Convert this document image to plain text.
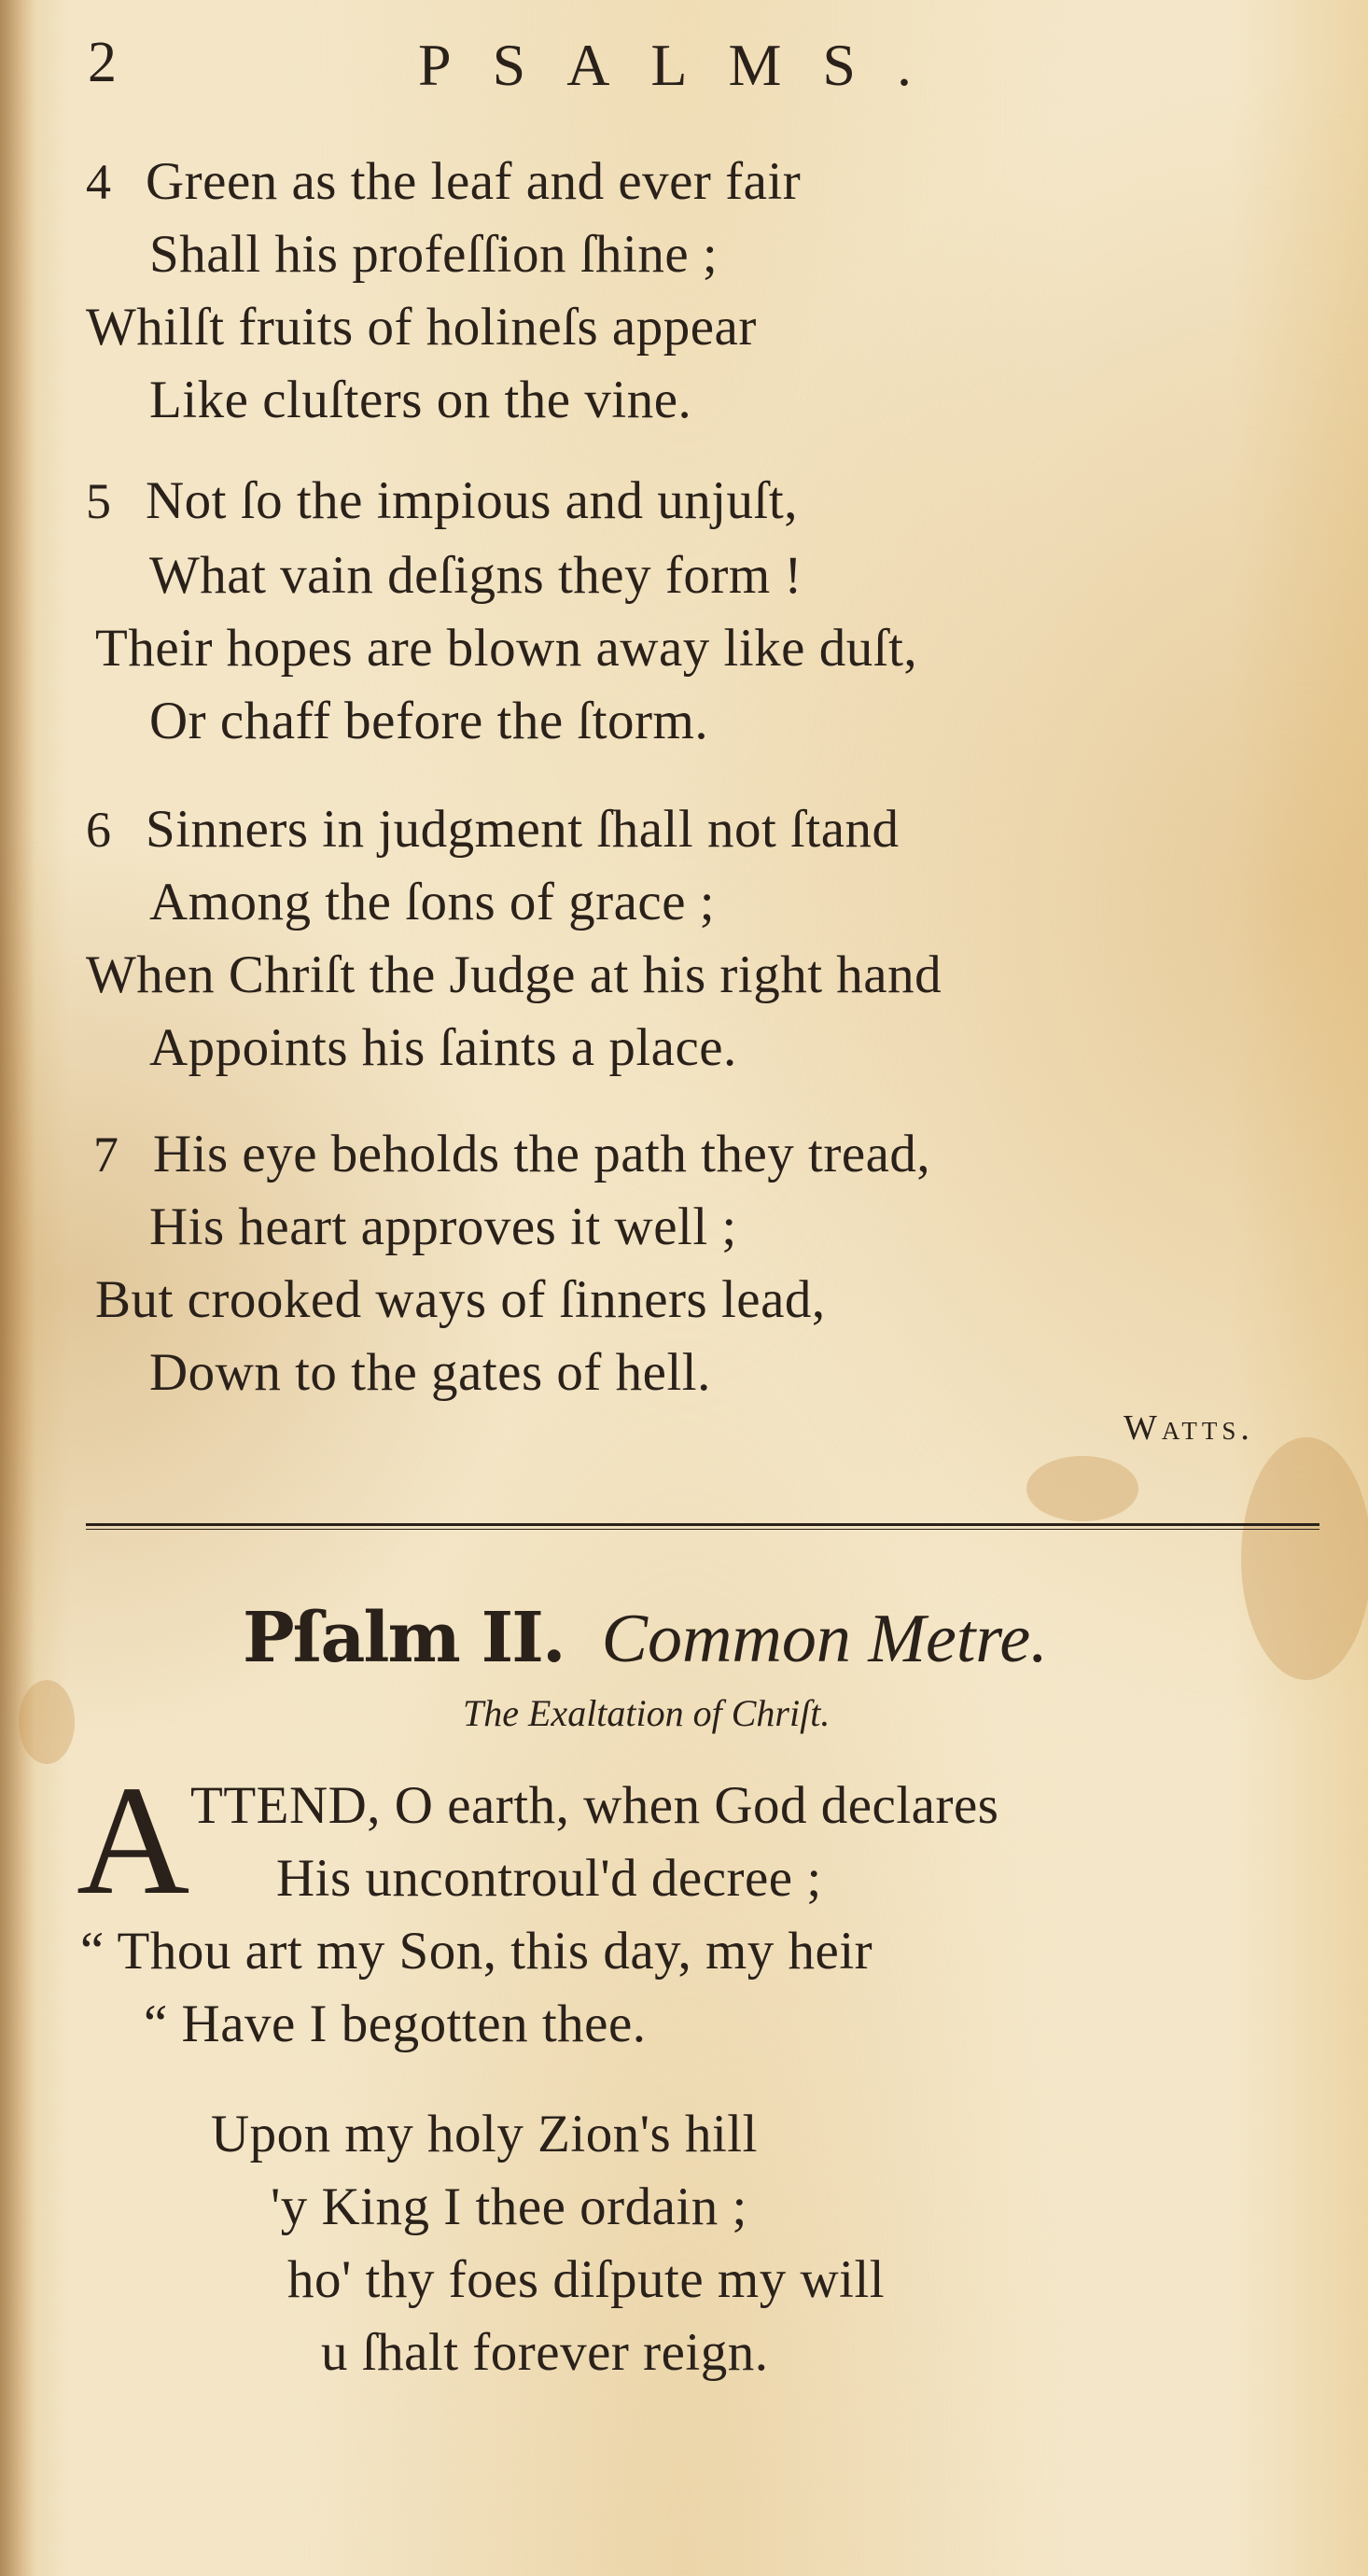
2	PSALMS.
4 Green as the leaf and ever fair
Shall his profeſſion ſhine ;
Whilſt fruits of holineſs appear
Like cluſters on the vine.
5 Not ſo the impious and unjuſt,
What vain deſigns they form !
Their hopes are blown away like duſt,
Or chaff before the ſtorm.
6 Sinners in judgment ſhall not ſtand
Among the ſons of grace ;
When Chriſt the Judge at his right hand
Appoints his ſaints a place.
7 His eye beholds the path they tread,
His heart approves it well ;
But crooked ways of ſinners lead,
Down to the gates of hell.
Watts.
Pſalm II. Common Metre.
The Exaltation of Chriſt.
A TTEND, O earth, when God declares
His uncontroul'd decree ;
“ Thou art my Son, this day, my heir
“ Have I begotten thee.
Upon my holy Zion's hill
'y King I thee ordain ;
ho' thy foes diſpute my will
u ſhalt forever reign.
